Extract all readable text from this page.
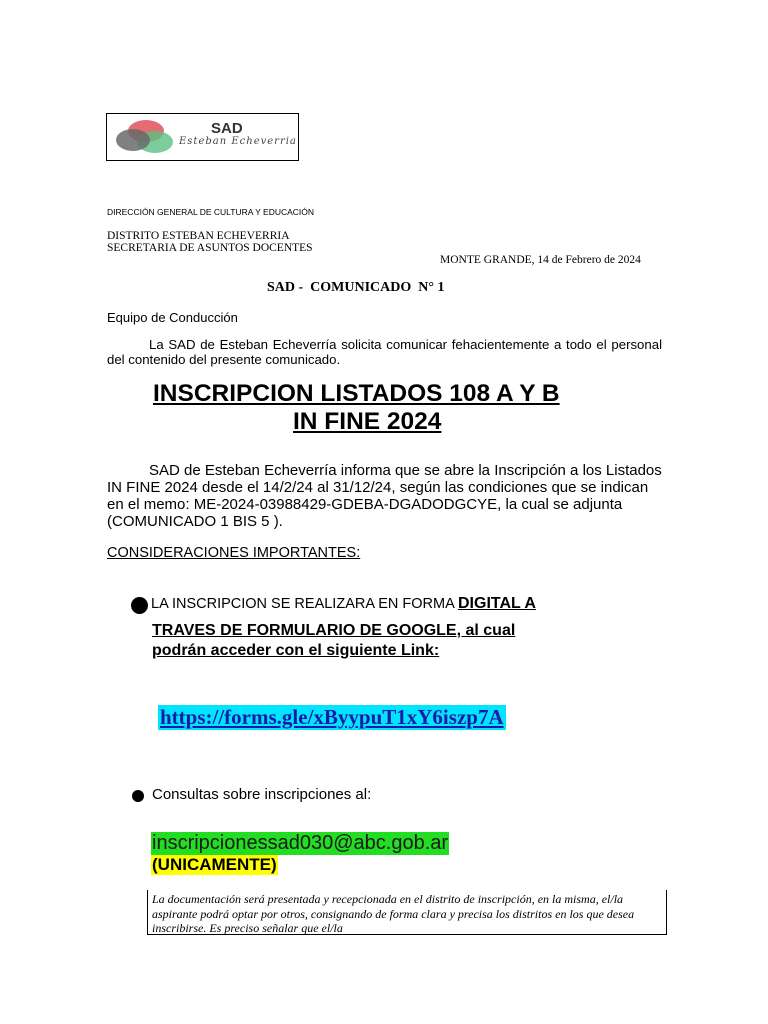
SAD
Esteban Echeverria
DIRECCIÓN GENERAL DE CULTURA Y EDUCACIÓN
DISTRITO ESTEBAN ECHEVERRIA
SECRETARIA DE ASUNTOS DOCENTES
MONTE GRANDE, 14 de Febrero de 2024
SAD -  COMUNICADO  N° 1
Equipo de Conducción
La SAD de Esteban Echeverría solicita comunicar fehacientemente a todo el personal del contenido del presente comunicado.
INSCRIPCION LISTADOS 108 A Y B
IN FINE 2024
SAD de Esteban Echeverría informa que se abre la Inscripción a los Listados IN FINE 2024 desde el 14/2/24 al 31/12/24, según las condiciones que se indican en el memo: ME-2024-03988429-GDEBA-DGADODGCYE, la cual se adjunta (COMUNICADO 1 BIS 5 ).
CONSIDERACIONES IMPORTANTES:
LA INSCRIPCION SE REALIZARA EN FORMA DIGITAL A
TRAVES DE FORMULARIO DE GOOGLE, al cual
podrán acceder con el siguiente Link:
https://forms.gle/xByypuT1xY6iszp7A
Consultas sobre inscripciones al:
inscripcionessad030@abc.gob.ar
(UNICAMENTE)
La documentación será presentada y recepcionada en el distrito de inscripción, en la misma, el/la aspirante podrá optar por otros, consignando de forma clara y precisa los distritos en los que desea inscribirse. Es preciso señalar que el/la
